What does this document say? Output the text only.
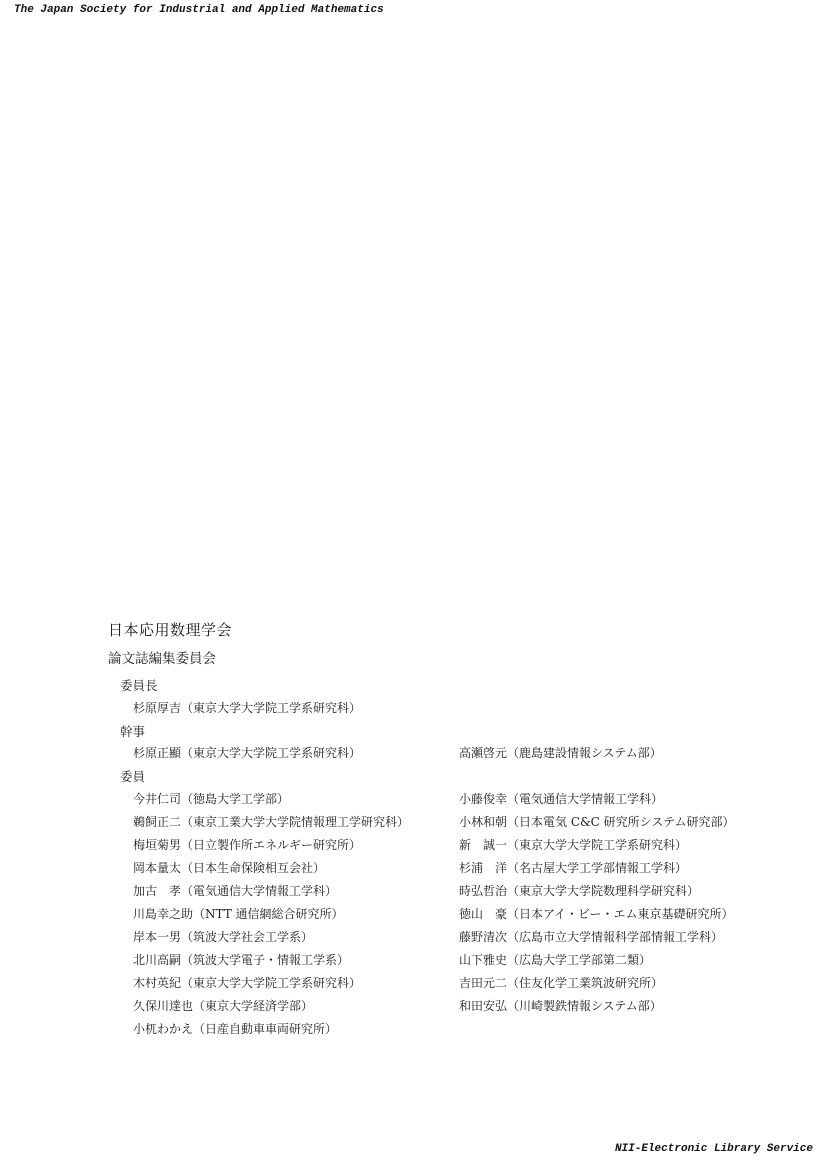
The Japan Society for Industrial and Applied Mathematics
日本応用数理学会
論文誌編集委員会
委員長
杉原厚吉（東京大学大学院工学系研究科）
幹事
杉原正顯（東京大学大学院工学系研究科）	高瀬啓元（鹿島建設情報システム部）
委員
今井仁司（徳島大学工学部）
鵜飼正二（東京工業大学大学院情報理工学研究科）
梅垣菊男（日立製作所エネルギー研究所）
岡本量太（日本生命保険相互会社）
加古　孝（電気通信大学情報工学科）
川島幸之助（NTT 通信網総合研究所）
岸本一男（筑波大学社会工学系）
北川高嗣（筑波大学電子・情報工学系）
木村英紀（東京大学大学院工学系研究科）
久保川達也（東京大学経済学部）
小杌わかえ（日産自動車車両研究所）
小藤俊幸（電気通信大学情報工学科）
小林和朝（日本電気 C&C 研究所システム研究部）
新　誠一（東京大学大学院工学系研究科）
杉浦　洋（名古屋大学工学部情報工学科）
時弘哲治（東京大学大学院数理科学研究科）
徳山　豪（日本アイ・ビー・エム東京基礎研究所）
藤野清次（広島市立大学情報科学部情報工学科）
山下雅史（広島大学工学部第二類）
吉田元二（住友化学工業筑波研究所）
和田安弘（川崎製鉄情報システム部）
NII-Electronic Library Service
